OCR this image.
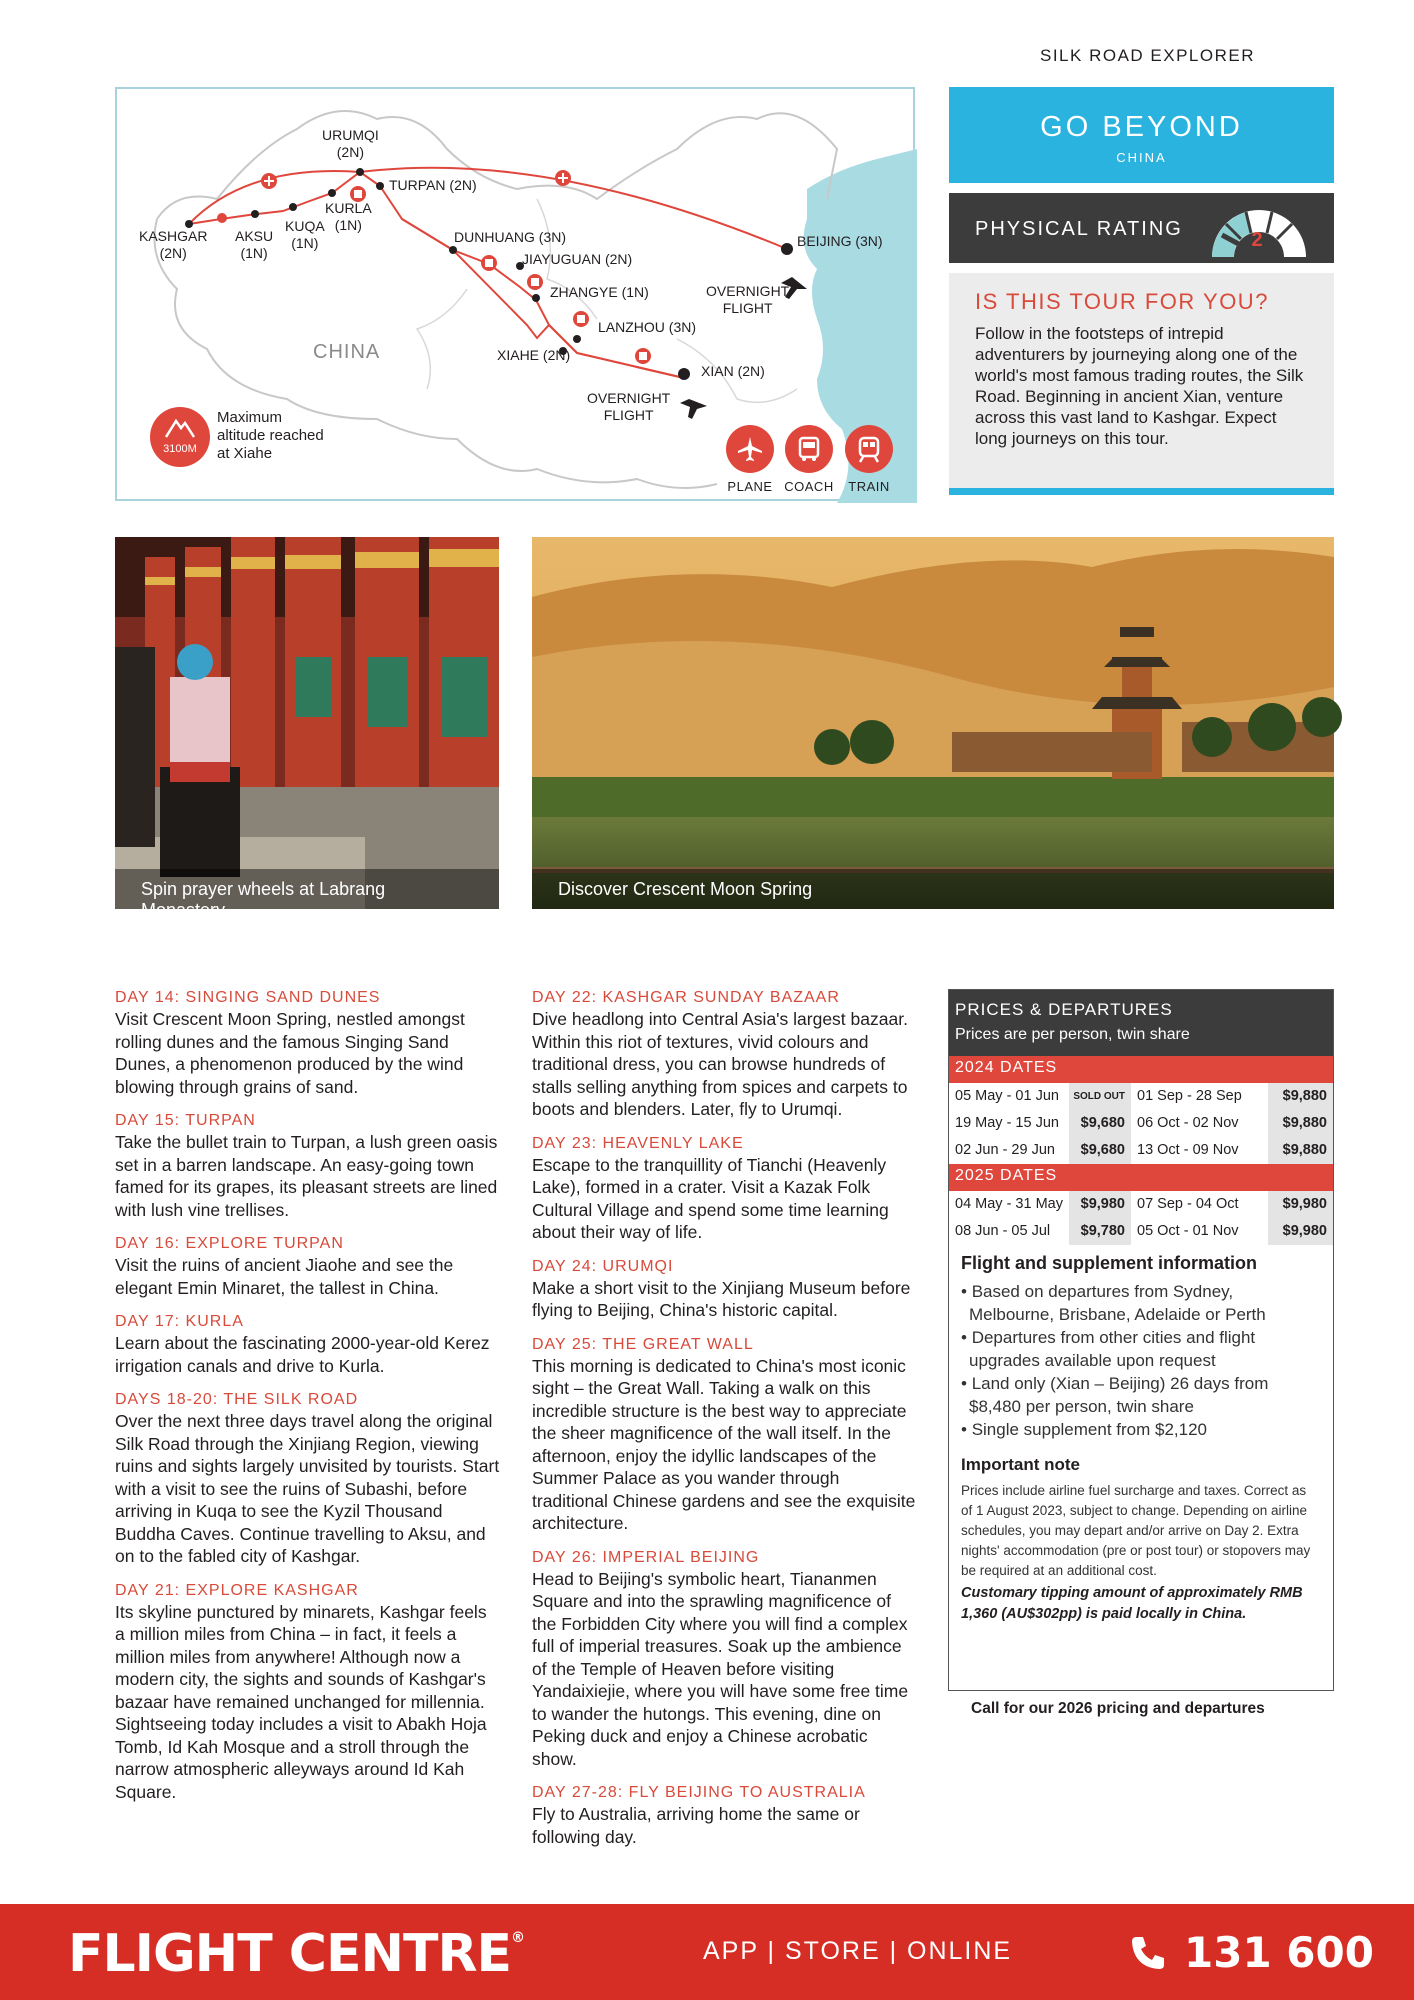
SILK ROAD EXPLORER
URUMQI
(2N)
TURPAN (2N)
KURLA
(1N)
KUQA
(1N)
AKSU
(1N)
KASHGAR
(2N)
DUNHUANG (3N)
JIAYUGUAN (2N)
ZHANGYE (1N)
LANZHOU (3N)
XIAHE (2N)
XIAN (2N)
BEIJING (3N)
OVERNIGHT
FLIGHT
OVERNIGHT
FLIGHT
CHINA
3100M
Maximum
altitude reached
at Xiahe
PLANE COACH	TRAIN
GO BEYOND
CHINA
PHYSICAL RATING	2
IS THIS TOUR FOR YOU?

Follow in the footsteps of intrepid adventurers by journeying along one of the world's most famous trading routes, the Silk Road. Beginning in ancient Xian, venture across this vast land to Kashgar. Expect long journeys on this tour.

Spin prayer wheels at Labrang Monastery
Discover Crescent Moon Spring
DAY 14: SINGING SAND DUNES
Visit Crescent Moon Spring, nestled amongst rolling dunes and the famous Singing Sand Dunes, a phenomenon produced by the wind blowing through grains of sand.
DAY 15: TURPAN
Take the bullet train to Turpan, a lush green oasis set in a barren landscape. An easy-going town famed for its grapes, its pleasant streets are lined with lush vine trellises.
DAY 16: EXPLORE TURPAN
Visit the ruins of ancient Jiaohe and see the elegant Emin Minaret, the tallest in China.
DAY 17: KURLA
Learn about the fascinating 2000-year-old Kerez irrigation canals and drive to Kurla.
DAYS 18-20: THE SILK ROAD
Over the next three days travel along the original Silk Road through the Xinjiang Region, viewing ruins and sights largely unvisited by tourists. Start with a visit to see the ruins of Subashi, before arriving in Kuqa to see the Kyzil Thousand Buddha Caves. Continue travelling to Aksu, and on to the fabled city of Kashgar.
DAY 21: EXPLORE KASHGAR
Its skyline punctured by minarets, Kashgar feels a million miles from China – in fact, it feels a million miles from anywhere! Although now a modern city, the sights and sounds of Kashgar's bazaar have remained unchanged for millennia. Sightseeing today includes a visit to Abakh Hoja Tomb, Id Kah Mosque and a stroll through the narrow atmospheric alleyways around Id Kah Square.
DAY 22: KASHGAR SUNDAY BAZAAR
Dive headlong into Central Asia's largest bazaar. Within this riot of textures, vivid colours and traditional dress, you can browse hundreds of stalls selling anything from spices and carpets to boots and blenders. Later, fly to Urumqi.
DAY 23: HEAVENLY LAKE
Escape to the tranquillity of Tianchi (Heavenly Lake), formed in a crater. Visit a Kazak Folk Cultural Village and spend some time learning about their way of life.
DAY 24: URUMQI
Make a short visit to the Xinjiang Museum before flying to Beijing, China's historic capital.
DAY 25: THE GREAT WALL
This morning is dedicated to China's most iconic sight – the Great Wall. Taking a walk on this incredible structure is the best way to appreciate the sheer magnificence of the wall itself. In the afternoon, enjoy the idyllic landscapes of the Summer Palace as you wander through traditional Chinese gardens and see the exquisite architecture.
DAY 26: IMPERIAL BEIJING
Head to Beijing's symbolic heart, Tiananmen Square and into the sprawling magnificence of the Forbidden City where you will find a complex full of imperial treasures. Soak up the ambience of the Temple of Heaven before visiting Yandaixiejie, where you will have some free time to wander the hutongs. This evening, dine on Peking duck and enjoy a Chinese acrobatic show.
DAY 27-28: FLY BEIJING TO AUSTRALIA
Fly to Australia, arriving home the same or following day.
PRICES & DEPARTURES
Prices are per person, twin share
2024 DATES
05 May - 01 Jun	SOLD OUT 01 Sep - 28 Sep	$9,880
19 May - 15 Jun	$9,680 06 Oct - 02 Nov	$9,880
02 Jun - 29 Jun	$9,680 13 Oct - 09 Nov	$9,880
2025 DATES
04 May - 31 May	$9,980 07 Sep - 04 Oct	$9,980
08 Jun - 05 Jul	$9,780 05 Oct - 01 Nov	$9,980
Flight and supplement information
• Based on departures from Sydney, Melbourne, Brisbane, Adelaide or Perth
• Departures from other cities and flight upgrades available upon request
• Land only (Xian – Beijing) 26 days from $8,480 per person, twin share
• Single supplement from $2,120
Important note

Prices include airline fuel surcharge and taxes. Correct as of 1 August 2023, subject to change. Depending on airline schedules, you may depart and/or arrive on Day 2. Extra nights' accommodation (pre or post tour) or stopovers may be required at an additional cost.

Customary tipping amount of approximately RMB 1,360 (AU$302pp) is paid locally in China.

Call for our 2026 pricing and departures
FLIGHT CENTRE®	APP | STORE | ONLINE	131 600
